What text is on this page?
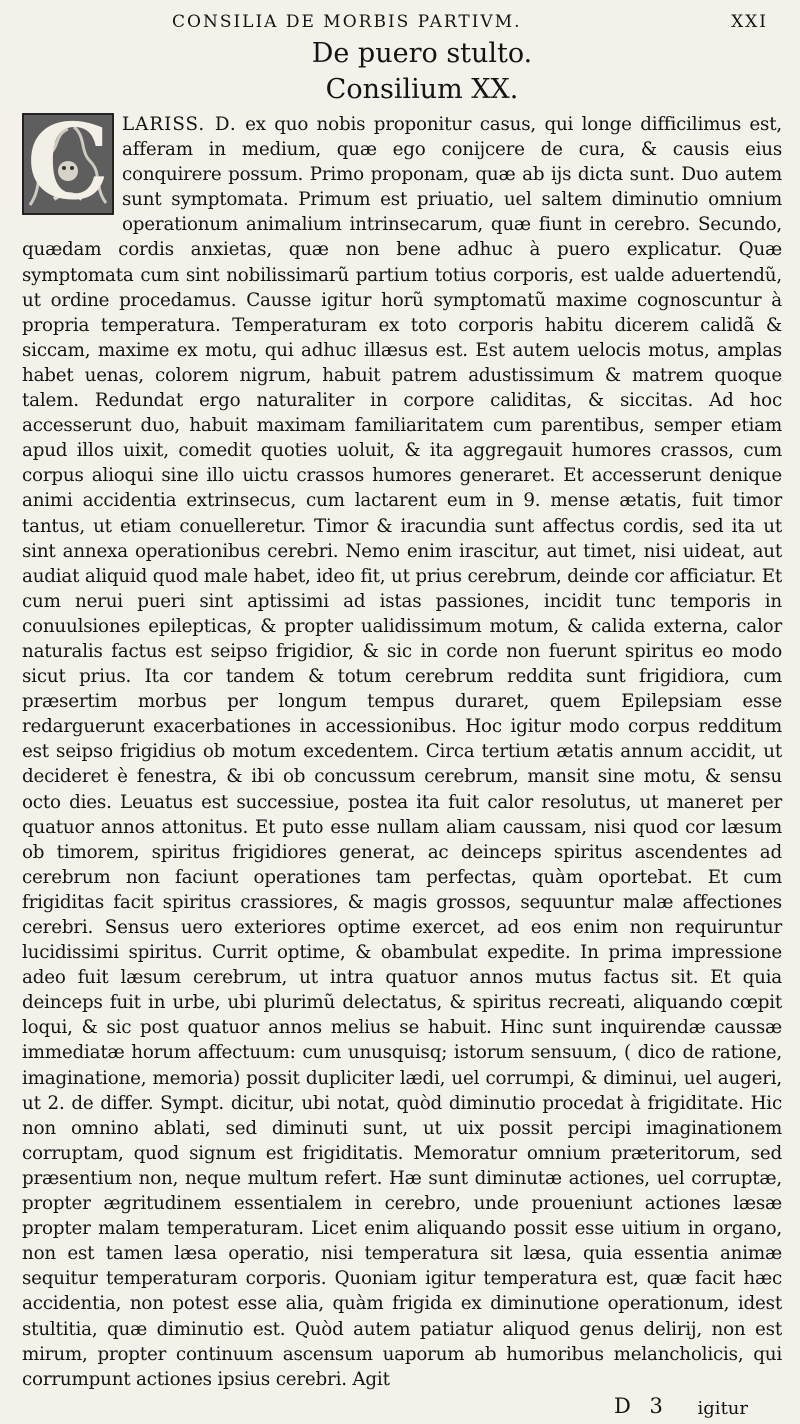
CONSILIA DE MORBIS PARTIVM.	XXI
De puero stulto.
Consilium XX.
C LARISS. D. ex quo nobis proponitur casus, qui longe difficilimus est, afferam in medium, quæ ego conijcere de cura, & causis eius conquirere possum. Primo proponam, quæ ab ijs dicta sunt. Duo autem sunt symptomata. Primum est priuatio, uel saltem diminutio omnium operationum animalium intrinsecarum, quæ fiunt in cerebro. Secundo, quædam cordis anxietas, quæ non bene adhuc à puero explicatur. Quæ symptomata cum sint nobilissimarũ partium totius corporis, est ualde aduertendũ, ut ordine procedamus. Causse igitur horũ symptomatũ maxime cognoscuntur à propria temperatura. Temperaturam ex toto corporis habitu dicerem calidã & siccam, maxime ex motu, qui adhuc illæsus est. Est autem uelocis motus, amplas habet uenas, colorem nigrum, habuit patrem adustissimum & matrem quoque talem. Redundat ergo naturaliter in corpore caliditas, & siccitas. Ad hoc accesserunt duo, habuit maximam familiaritatem cum parentibus, semper etiam apud illos uixit, comedit quoties uoluit, & ita aggregauit humores crassos, cum corpus alioqui sine illo uictu crassos humores generaret. Et accesserunt denique animi accidentia extrinsecus, cum lactarent eum in 9. mense ætatis, fuit timor tantus, ut etiam conuelleretur. Timor & iracundia sunt affectus cordis, sed ita ut sint annexa operationibus cerebri. Nemo enim irascitur, aut timet, nisi uideat, aut audiat aliquid quod male habet, ideo fit, ut prius cerebrum, deinde cor afficiatur. Et cum nerui pueri sint aptissimi ad istas passiones, incidit tunc temporis in conuulsiones epilepticas, & propter ualidissimum motum, & calida externa, calor naturalis factus est seipso frigidior, & sic in corde non fuerunt spiritus eo modo sicut prius. Ita cor tandem & totum cerebrum reddita sunt frigidiora, cum præsertim morbus per longum tempus duraret, quem Epilepsiam esse redarguerunt exacerbationes in accessionibus. Hoc igitur modo corpus redditum est seipso frigidius ob motum excedentem. Circa tertium ætatis annum accidit, ut decideret è fenestra, & ibi ob concussum cerebrum, mansit sine motu, & sensu octo dies. Leuatus est successiue, postea ita fuit calor resolutus, ut maneret per quatuor annos attonitus. Et puto esse nullam aliam caussam, nisi quod cor læsum ob timorem, spiritus frigidiores generat, ac deinceps spiritus ascendentes ad cerebrum non faciunt operationes tam perfectas, quàm oportebat. Et cum frigiditas facit spiritus crassiores, & magis grossos, sequuntur malæ affectiones cerebri. Sensus uero exteriores optime exercet, ad eos enim non requiruntur lucidissimi spiritus. Currit optime, & obambulat expedite. In prima impressione adeo fuit læsum cerebrum, ut intra quatuor annos mutus factus sit. Et quia deinceps fuit in urbe, ubi plurimũ delectatus, & spiritus recreati, aliquando cœpit loqui, & sic post quatuor annos melius se habuit. Hinc sunt inquirendæ caussæ immediatæ horum affectuum: cum unusquisq; istorum sensuum, ( dico de ratione, imaginatione, memoria) possit dupliciter lædi, uel corrumpi, & diminui, uel augeri, ut 2. de differ. Sympt. dicitur, ubi notat, quòd diminutio procedat à frigiditate. Hic non omnino ablati, sed diminuti sunt, ut uix possit percipi imaginationem corruptam, quod signum est frigiditatis. Memoratur omnium præteritorum, sed præsentium non, neque multum refert. Hæ sunt diminutæ actiones, uel corruptæ, propter ægritudinem essentialem in cerebro, unde proueniunt actiones læsæ propter malam temperaturam. Licet enim aliquando possit esse uitium in organo, non est tamen læsa operatio, nisi temperatura sit læsa, quia essentia animæ sequitur temperaturam corporis. Quoniam igitur temperatura est, quæ facit hæc accidentia, non potest esse alia, quàm frigida ex diminutione operationum, idest stultitia, quæ diminutio est. Quòd autem patiatur aliquod genus delirij, non est mirum, propter continuum ascensum uaporum ab humoribus melancholicis, qui corrumpunt actiones ipsius cerebri. Agit
D 3 igitur
